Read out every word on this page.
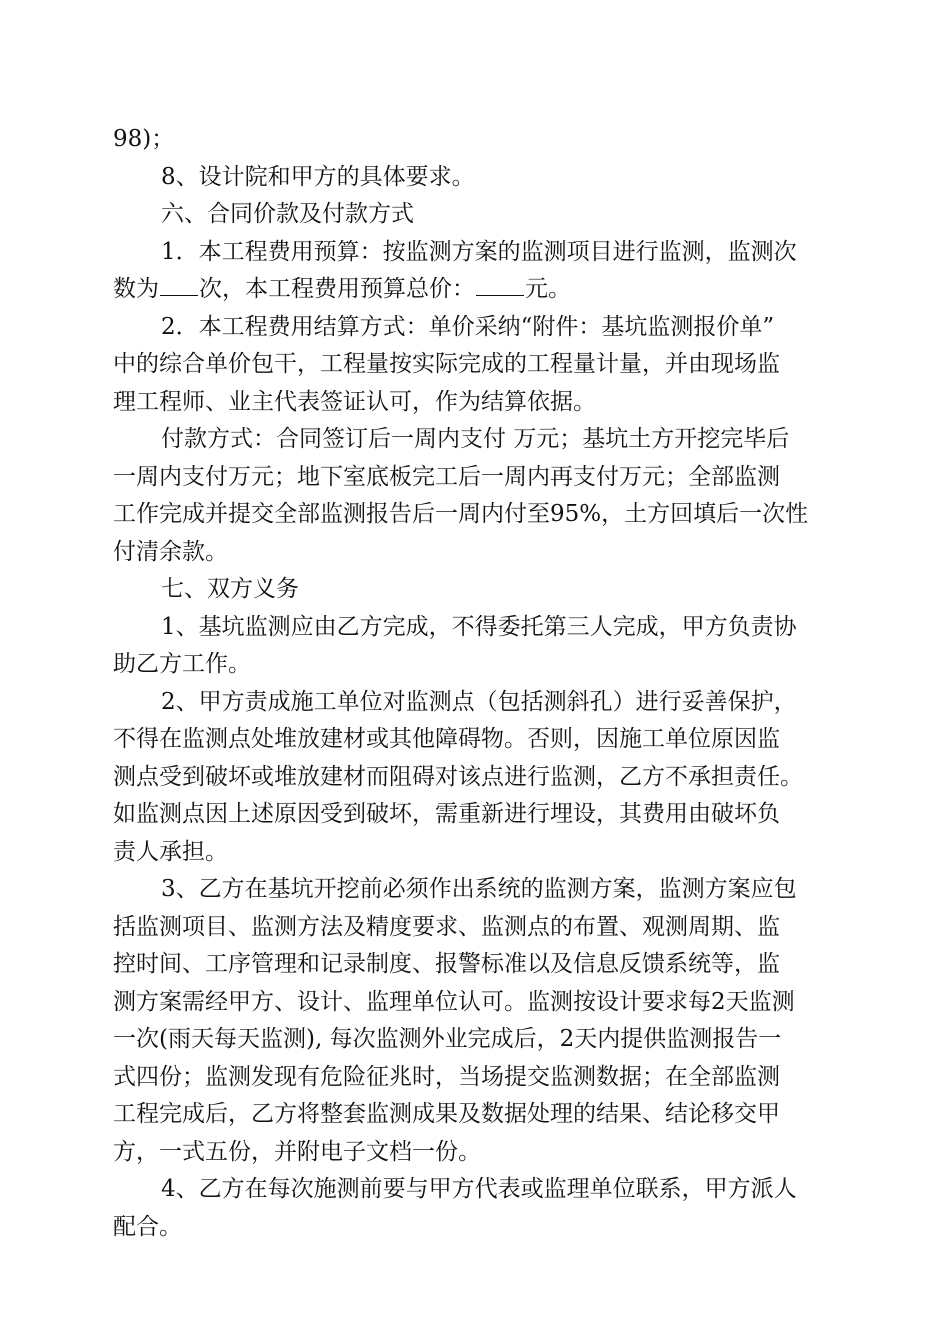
98)；
8、设计院和甲方的具体要求。
六、合同价款及付款方式
1．本工程费用预算：按监测方案的监测项目进行监测，监测次
数为 次，本工程费用预算总价： 元。
2．本工程费用结算方式：单价采纳“附件：基坑监测报价单”
中的综合单价包干，工程量按实际完成的工程量计量，并由现场监
理工程师、业主代表签证认可，作为结算依据。
付款方式：合同签订后一周内支付 万元；基坑土方开挖完毕后
一周内支付万元；地下室底板完工后一周内再支付万元；全部监测
工作完成并提交全部监测报告后一周内付至95%，土方回填后一次性
付清余款。
七、双方义务
1、基坑监测应由乙方完成，不得委托第三人完成，甲方负责协
助乙方工作。
2、甲方责成施工单位对监测点（包括测斜孔）进行妥善保护，
不得在监测点处堆放建材或其他障碍物。否则，因施工单位原因监
测点受到破坏或堆放建材而阻碍对该点进行监测，乙方不承担责任。
如监测点因上述原因受到破坏，需重新进行埋设，其费用由破坏负
责人承担。
3、乙方在基坑开挖前必须作出系统的监测方案，监测方案应包
括监测项目、监测方法及精度要求、监测点的布置、观测周期、监
控时间、工序管理和记录制度、报警标准以及信息反馈系统等，监
测方案需经甲方、设计、监理单位认可。监测按设计要求每2天监测
一次(雨天每天监测), 每次监测外业完成后，2天内提供监测报告一
式四份；监测发现有危险征兆时，当场提交监测数据；在全部监测
工程完成后，乙方将整套监测成果及数据处理的结果、结论移交甲
方，一式五份，并附电子文档一份。
4、乙方在每次施测前要与甲方代表或监理单位联系，甲方派人
配合。
